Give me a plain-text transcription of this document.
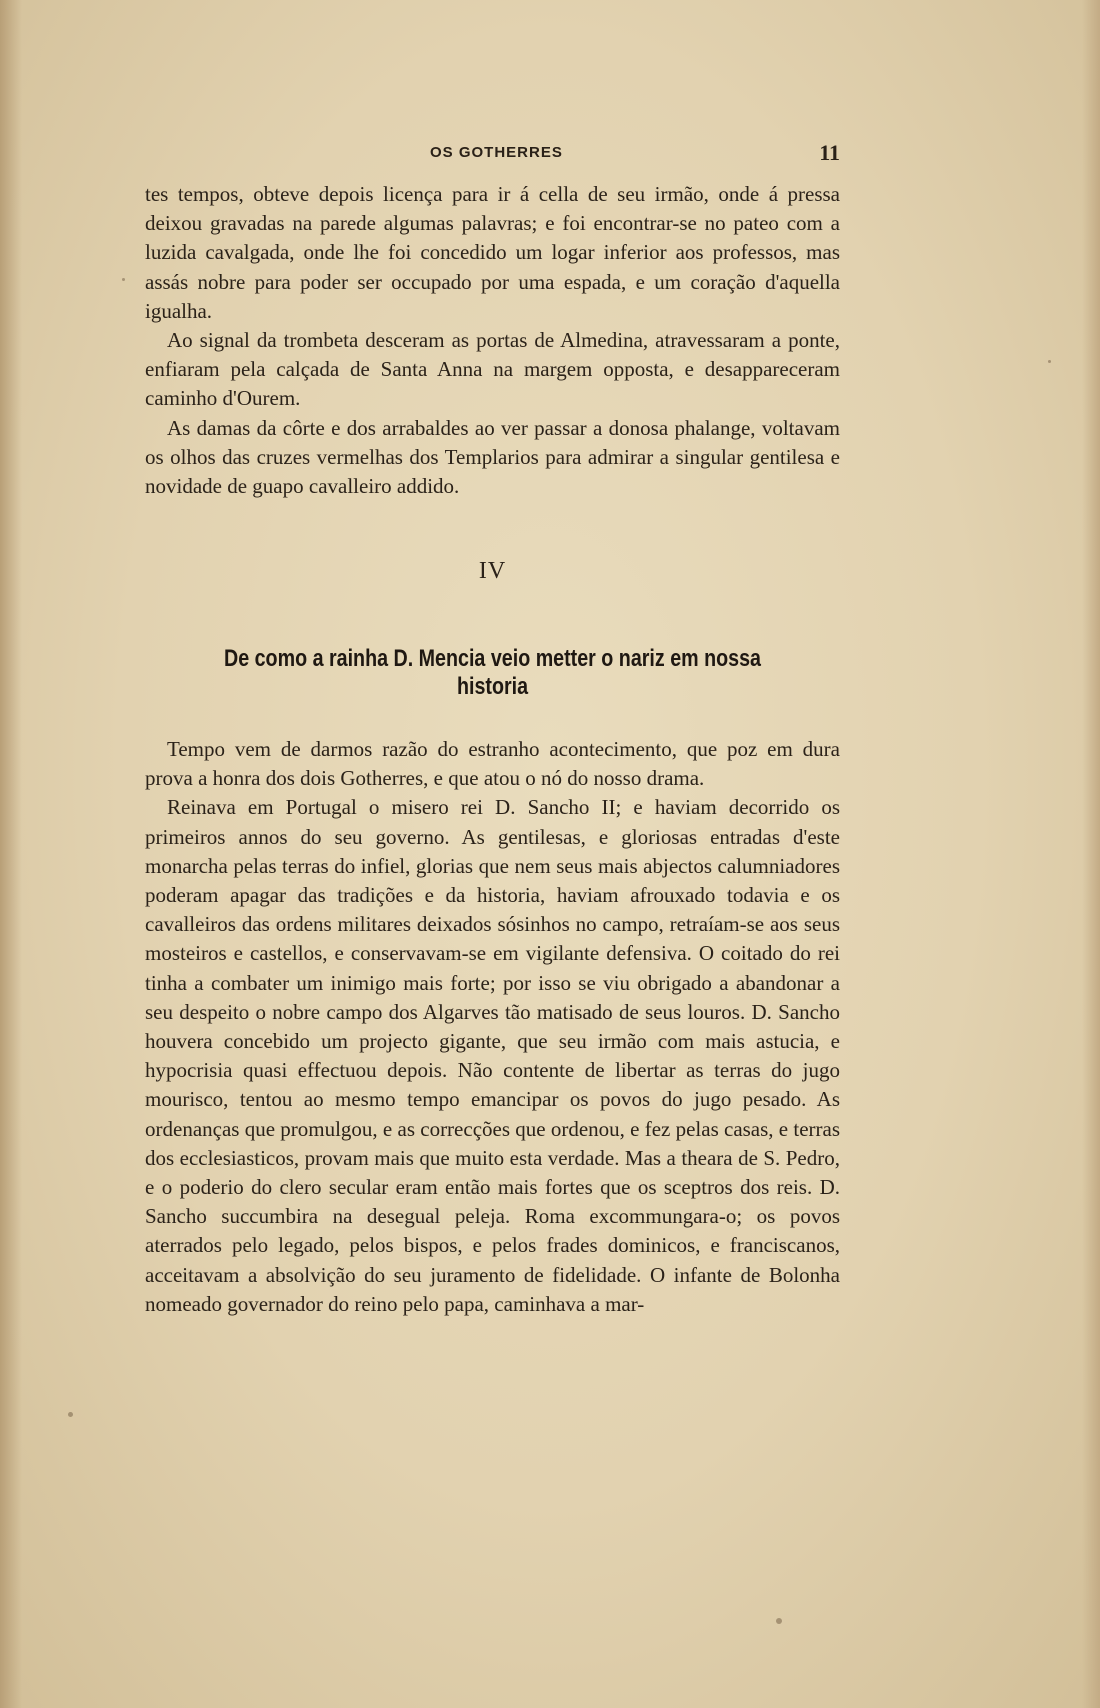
OS GOTHERRES	11

tes tempos, obteve depois licença para ir á cella de seu irmão, onde á pressa deixou gravadas na parede algumas palavras; e foi encontrar-se no pateo com a luzida cavalgada, onde lhe foi concedido um logar inferior aos professos, mas assás nobre para poder ser occupado por uma espada, e um coração d'aquella igualha.

Ao signal da trombeta desceram as portas de Almedina, atravessaram a ponte, enfiaram pela calçada de Santa Anna na margem opposta, e desappareceram caminho d'Ourem.

As damas da côrte e dos arrabaldes ao ver passar a donosa phalange, voltavam os olhos das cruzes vermelhas dos Templarios para admirar a singular gentilesa e novidade de guapo cavalleiro addido.

IV
De como a rainha D. Mencia veio metter o nariz em nossa historia

Tempo vem de darmos razão do estranho acontecimento, que poz em dura prova a honra dos dois Gotherres, e que atou o nó do nosso drama.

Reinava em Portugal o misero rei D. Sancho II; e haviam decorrido os primeiros annos do seu governo. As gentilesas, e gloriosas entradas d'este monarcha pelas terras do infiel, glorias que nem seus mais abjectos calumniadores poderam apagar das tradições e da historia, haviam afrouxado todavia e os cavalleiros das ordens militares deixados sósinhos no campo, retraíam-se aos seus mosteiros e castellos, e conservavam-se em vigilante defensiva. O coitado do rei tinha a combater um inimigo mais forte; por isso se viu obrigado a abandonar a seu despeito o nobre campo dos Algarves tão matisado de seus louros. D. Sancho houvera concebido um projecto gigante, que seu irmão com mais astucia, e hypocrisia quasi effectuou depois. Não contente de libertar as terras do jugo mourisco, tentou ao mesmo tempo emancipar os povos do jugo pesado. As ordenanças que promulgou, e as correcções que ordenou, e fez pelas casas, e terras dos ecclesiasticos, provam mais que muito esta verdade. Mas a theara de S. Pedro, e o poderio do clero secular eram então mais fortes que os sceptros dos reis. D. Sancho succumbira na desegual peleja. Roma excommungara-o; os povos aterrados pelo legado, pelos bispos, e pelos frades dominicos, e franciscanos, acceitavam a absolvição do seu juramento de fidelidade. O infante de Bolonha nomeado governador do reino pelo papa, caminhava a mar-
